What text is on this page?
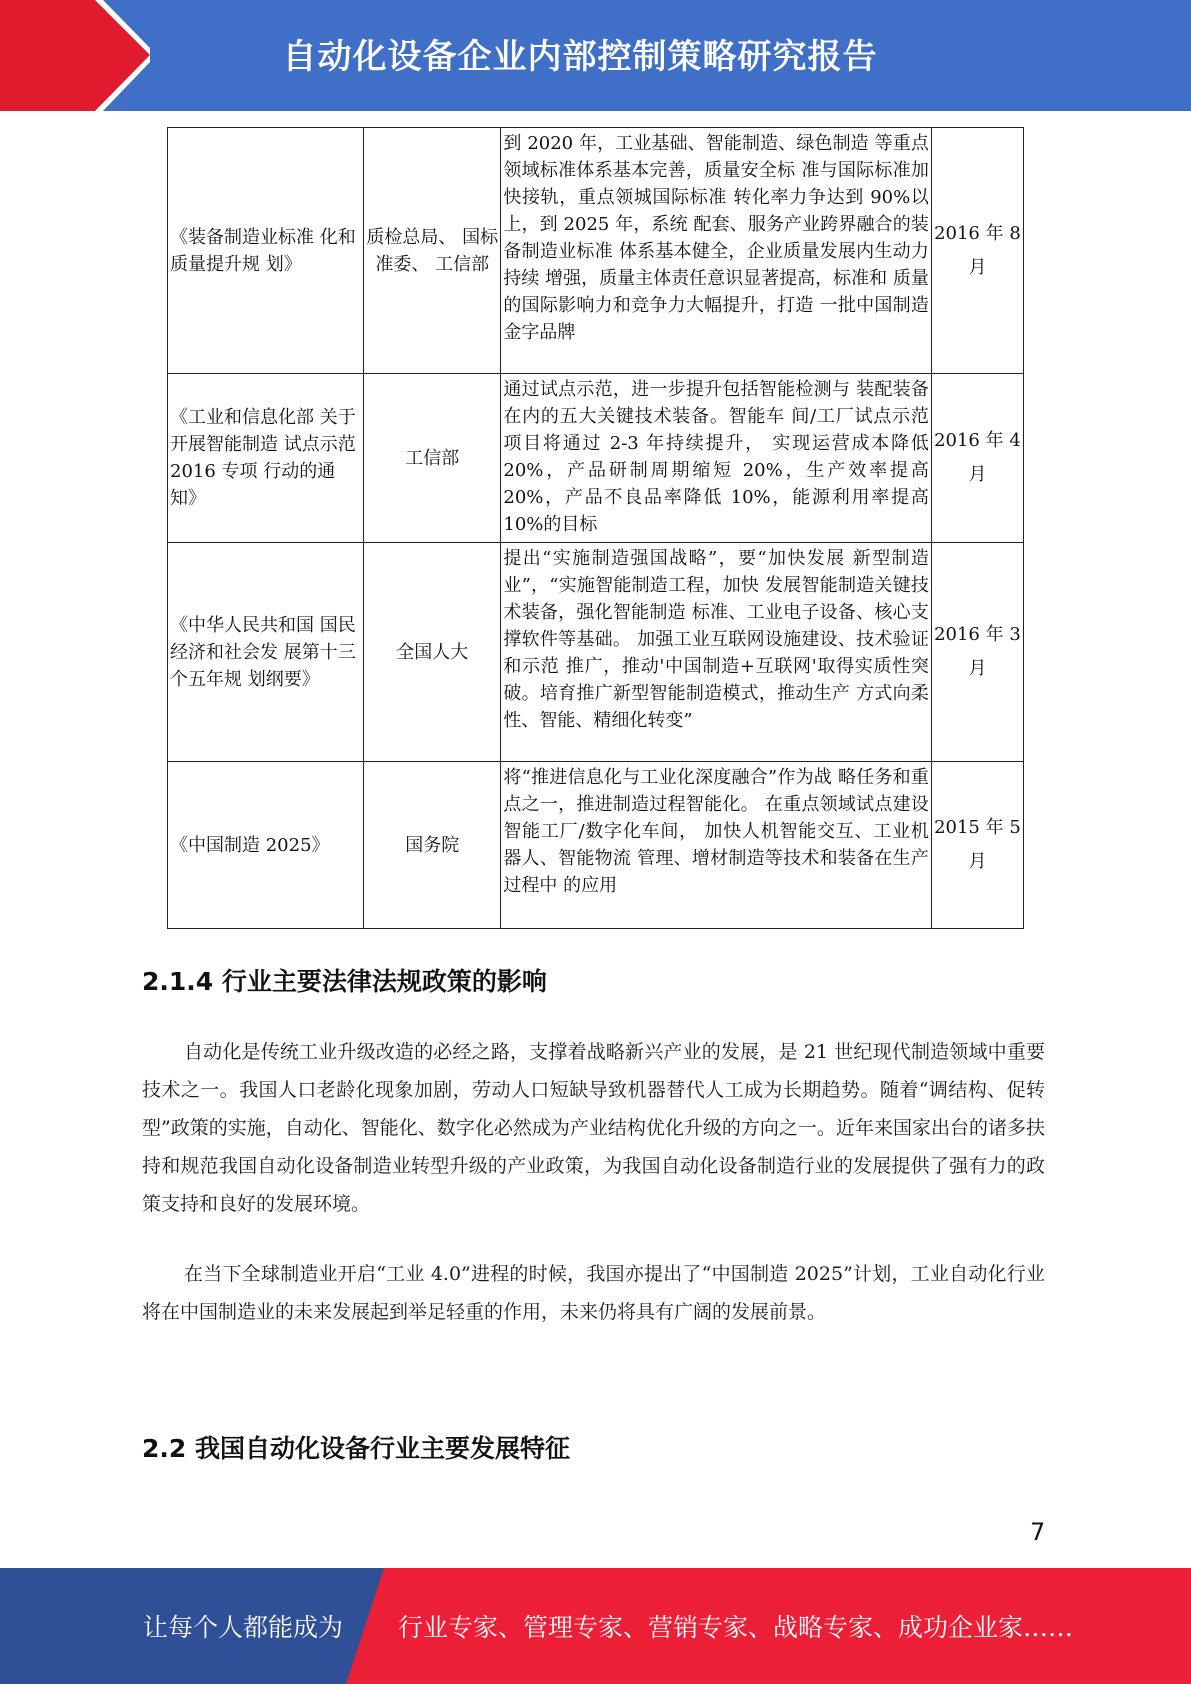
自动化设备企业内部控制策略研究报告
《装备制造业标准 化和质量提升规 划》	质检总局、 国标准委、 工信部	到 2020 年，工业基础、智能制造、绿色制造 等重点领域标准体系基本完善，质量安全标 准与国际标准加快接轨，重点领城国际标准 转化率力争达到 90%以上，到 2025 年，系统 配套、服务产业跨界融合的装备制造业标准 体系基本健全，企业质量发展内生动力持续 增强，质量主体责任意识显著提高，标准和 质量的国际影响力和竞争力大幅提升，打造 一批中国制造金字品牌	2016 年 8月
《工业和信息化部 关于开展智能制造 试点示范 2016 专项 行动的通知》	工信部	通过试点示范，进一步提升包括智能检测与 装配装备在内的五大关键技术装备。智能车 间/工厂试点示范项目将通过 2-3 年持续提升， 实现运营成本降低 20%，产品研制周期缩短 20%，生产效率提高 20%，产品不良品率降低 10%，能源利用率提高 10%的目标	2016 年 4月
《中华人民共和国 国民经济和社会发 展第十三个五年规 划纲要》	全国人大	提出“实施制造强国战略”，要“加快发展 新型制造业”，“实施智能制造工程，加快 发展智能制造关键技术装备，强化智能制造 标准、工业电子设备、核心支撑软件等基础。 加强工业互联网设施建设、技术验证和示范 推广，推动'中国制造+互联网'取得实质性突 破。培育推广新型智能制造模式，推动生产 方式向柔性、智能、精细化转变”	2016 年 3月
《中国制造 2025》	国务院	将“推进信息化与工业化深度融合”作为战 略任务和重点之一，推进制造过程智能化。 在重点领域试点建设智能工厂/数字化车间， 加快人机智能交互、工业机器人、智能物流 管理、增材制造等技术和装备在生产过程中 的应用	2015 年 5月
2.1.4 行业主要法律法规政策的影响

自动化是传统工业升级改造的必经之路，支撑着战略新兴产业的发展，是 21 世纪现代制造领域中重要技术之一。我国人口老龄化现象加剧，劳动人口短缺导致机器替代人工成为长期趋势。随着“调结构、促转型”政策的实施，自动化、智能化、数字化必然成为产业结构优化升级的方向之一。近年来国家出台的诸多扶持和规范我国自动化设备制造业转型升级的产业政策，为我国自动化设备制造行业的发展提供了强有力的政策支持和良好的发展环境。

在当下全球制造业开启“工业 4.0”进程的时候，我国亦提出了“中国制造 2025”计划，工业自动化行业将在中国制造业的未来发展起到举足轻重的作用，未来仍将具有广阔的发展前景。

2.2 我国自动化设备行业主要发展特征
7
让每个人都能成为 行业专家、管理专家、营销专家、战略专家、成功企业家……
